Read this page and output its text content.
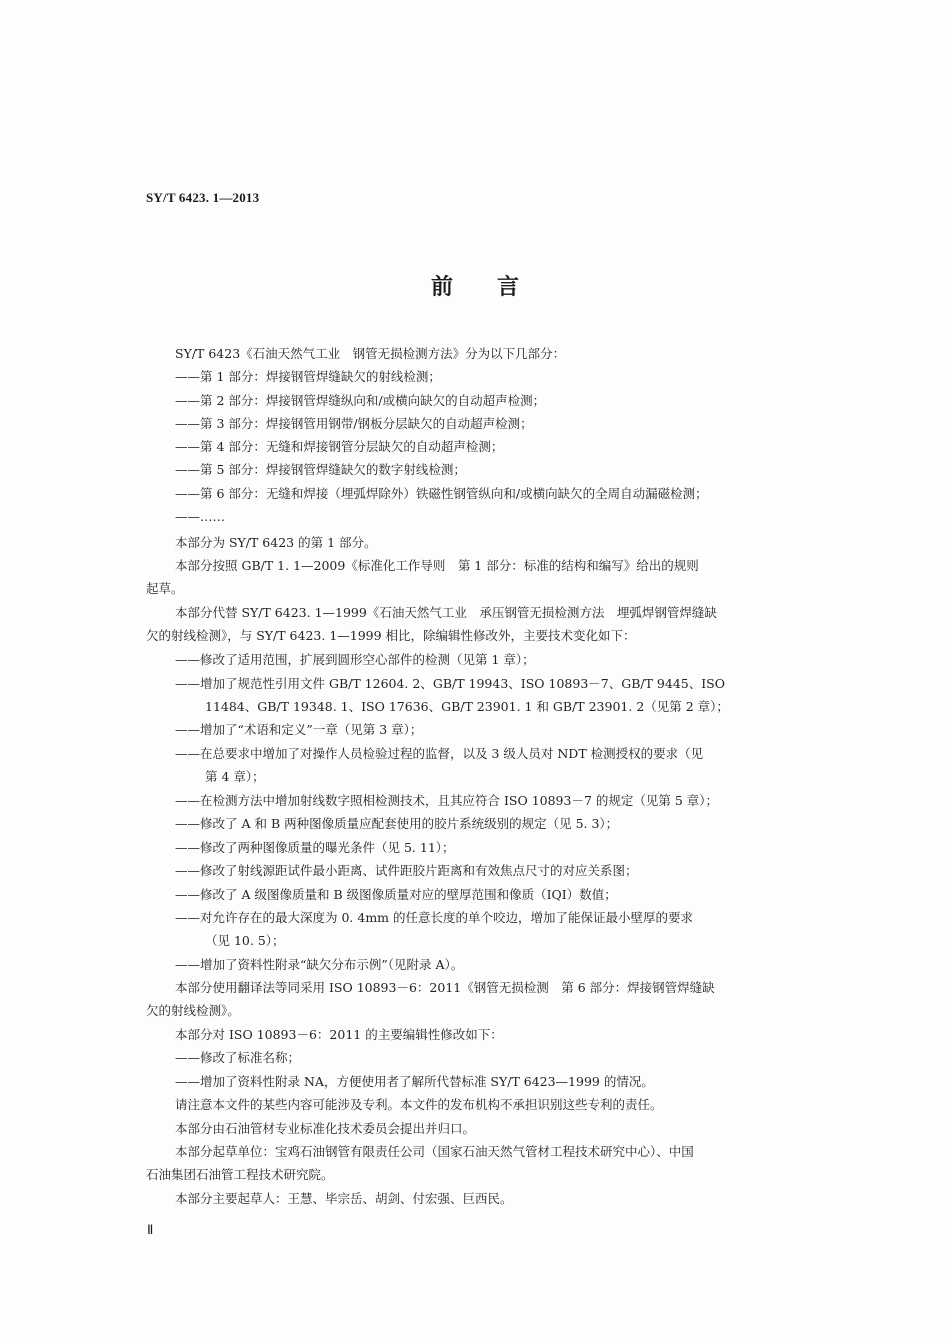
SY/T 6423. 1—2013
前言
SY/T 6423《石油天然气工业　钢管无损检测方法》分为以下几部分：
——第 1 部分：焊接钢管焊缝缺欠的射线检测；
——第 2 部分：焊接钢管焊缝纵向和/或横向缺欠的自动超声检测；
——第 3 部分：焊接钢管用钢带/钢板分层缺欠的自动超声检测；
——第 4 部分：无缝和焊接钢管分层缺欠的自动超声检测；
——第 5 部分：焊接钢管焊缝缺欠的数字射线检测；
——第 6 部分：无缝和焊接（埋弧焊除外）铁磁性钢管纵向和/或横向缺欠的全周自动漏磁检测；
——……
本部分为 SY/T 6423 的第 1 部分。
本部分按照 GB/T 1. 1—2009《标准化工作导则　第 1 部分：标准的结构和编写》给出的规则
起草。
本部分代替 SY/T 6423. 1—1999《石油天然气工业　承压钢管无损检测方法　埋弧焊钢管焊缝缺
欠的射线检测》，与 SY/T 6423. 1—1999 相比，除编辑性修改外，主要技术变化如下：
——修改了适用范围，扩展到圆形空心部件的检测（见第 1 章）；
——增加了规范性引用文件 GB/T 12604. 2、GB/T 19943、ISO 10893－7、GB/T 9445、ISO
11484、GB/T 19348. 1、ISO 17636、GB/T 23901. 1 和 GB/T 23901. 2（见第 2 章）；
——增加了“术语和定义”一章（见第 3 章）；
——在总要求中增加了对操作人员检验过程的监督，以及 3 级人员对 NDT 检测授权的要求（见
第 4 章）；
——在检测方法中增加射线数字照相检测技术，且其应符合 ISO 10893－7 的规定（见第 5 章）；
——修改了 A 和 B 两种图像质量应配套使用的胶片系统级别的规定（见 5. 3）；
——修改了两种图像质量的曝光条件（见 5. 11）；
——修改了射线源距试件最小距离、试件距胶片距离和有效焦点尺寸的对应关系图；
——修改了 A 级图像质量和 B 级图像质量对应的壁厚范围和像质（IQI）数值；
——对允许存在的最大深度为 0. 4mm 的任意长度的单个咬边，增加了能保证最小壁厚的要求
（见 10. 5）；
——增加了资料性附录“缺欠分布示例”（见附录 A）。
本部分使用翻译法等同采用 ISO 10893－6：2011《钢管无损检测　第 6 部分：焊接钢管焊缝缺
欠的射线检测》。
本部分对 ISO 10893－6：2011 的主要编辑性修改如下：
——修改了标准名称；
——增加了资料性附录 NA，方便使用者了解所代替标准 SY/T 6423—1999 的情况。
请注意本文件的某些内容可能涉及专利。本文件的发布机构不承担识别这些专利的责任。
本部分由石油管材专业标准化技术委员会提出并归口。
本部分起草单位：宝鸡石油钢管有限责任公司（国家石油天然气管材工程技术研究中心）、中国
石油集团石油管工程技术研究院。
本部分主要起草人：王慧、毕宗岳、胡剑、付宏强、巨西民。
Ⅱ
